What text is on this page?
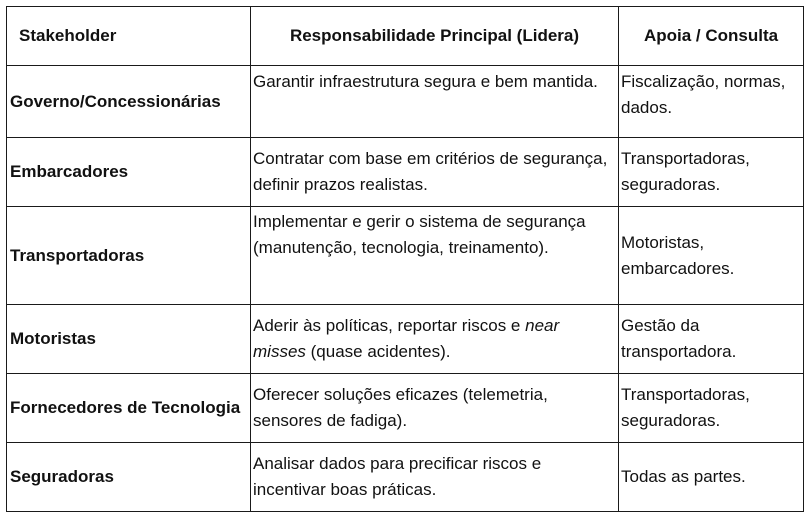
Stakeholder	Responsabilidade Principal (Lidera)	Apoia / Consulta
Governo/Concessionárias	Garantir infraestrutura segura e bem mantida.	Fiscalização, normas, dados.
Embarcadores	Contratar com base em critérios de segurança, definir prazos realistas.	Transportadoras, seguradoras.
Transportadoras	Implementar e gerir o sistema de segurança (manutenção, tecnologia, treinamento).	Motoristas, embarcadores.
Motoristas	Aderir às políticas, reportar riscos e near misses (quase acidentes).	Gestão da transportadora.
Fornecedores de Tecnologia	Oferecer soluções eficazes (telemetria, sensores de fadiga).	Transportadoras, seguradoras.
Seguradoras	Analisar dados para precificar riscos e incentivar boas práticas.	Todas as partes.
